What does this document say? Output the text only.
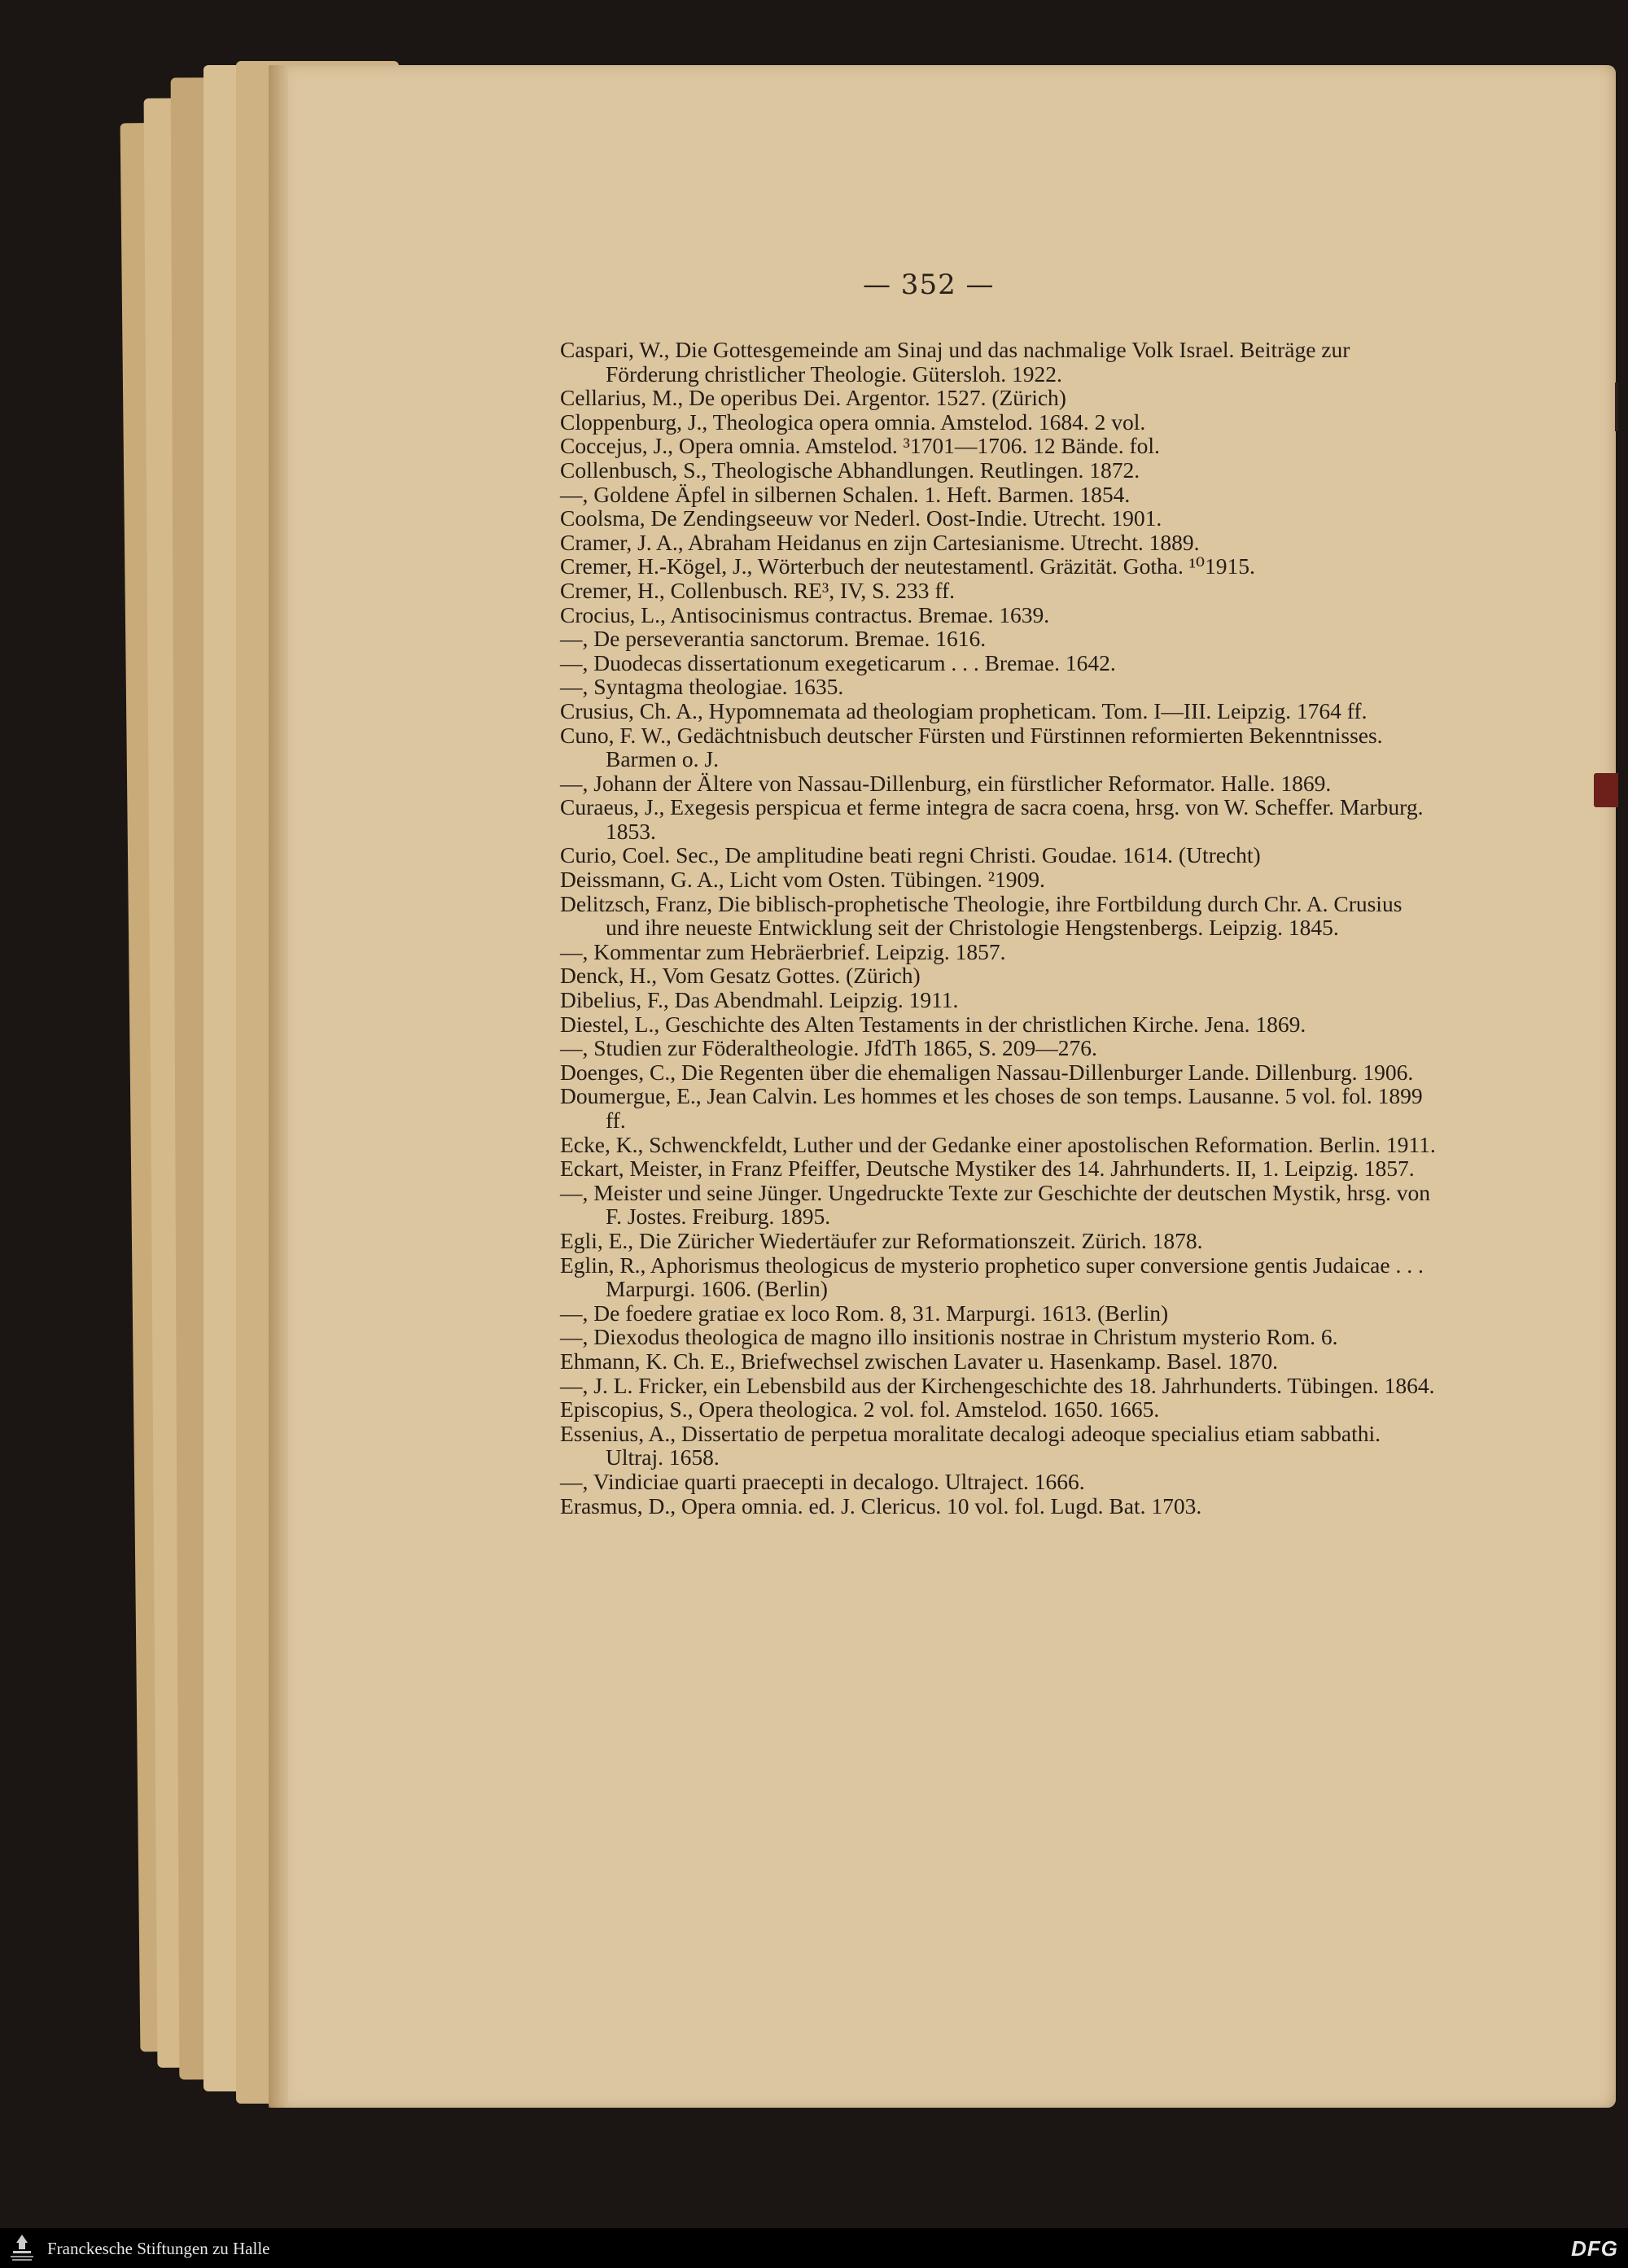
— 352 —

Caspari, W., Die Gottesgemeinde am Sinaj und das nachmalige Volk Israel. Beiträge zur Förderung christlicher Theologie. Gütersloh. 1922.

Cellarius, M., De operibus Dei. Argentor. 1527. (Zürich)

Cloppenburg, J., Theologica opera omnia. Amstelod. 1684. 2 vol.

Coccejus, J., Opera omnia. Amstelod. ³1701—1706. 12 Bände. fol.

Collenbusch, S., Theologische Abhandlungen. Reutlingen. 1872.

—, Goldene Äpfel in silbernen Schalen. 1. Heft. Barmen. 1854.

Coolsma, De Zendingseeuw vor Nederl. Oost-Indie. Utrecht. 1901.

Cramer, J. A., Abraham Heidanus en zijn Cartesianisme. Utrecht. 1889.

Cremer, H.-Kögel, J., Wörterbuch der neutestamentl. Gräzität. Gotha. ¹⁰1915.

Cremer, H., Collenbusch. RE³, IV, S. 233 ff.

Crocius, L., Antisocinismus contractus. Bremae. 1639.

—, De perseverantia sanctorum. Bremae. 1616.

—, Duodecas dissertationum exegeticarum . . . Bremae. 1642.

—, Syntagma theologiae. 1635.

Crusius, Ch. A., Hypomnemata ad theologiam propheticam. Tom. I—III. Leipzig. 1764 ff.

Cuno, F. W., Gedächtnisbuch deutscher Fürsten und Fürstinnen reformierten Bekenntnisses. Barmen o. J.

—, Johann der Ältere von Nassau-Dillenburg, ein fürstlicher Reformator. Halle. 1869.

Curaeus, J., Exegesis perspicua et ferme integra de sacra coena, hrsg. von W. Scheffer. Marburg. 1853.

Curio, Coel. Sec., De amplitudine beati regni Christi. Goudae. 1614. (Utrecht)

Deissmann, G. A., Licht vom Osten. Tübingen. ²1909.

Delitzsch, Franz, Die biblisch-prophetische Theologie, ihre Fortbildung durch Chr. A. Crusius und ihre neueste Entwicklung seit der Christologie Hengstenbergs. Leipzig. 1845.

—, Kommentar zum Hebräerbrief. Leipzig. 1857.

Denck, H., Vom Gesatz Gottes. (Zürich)

Dibelius, F., Das Abendmahl. Leipzig. 1911.

Diestel, L., Geschichte des Alten Testaments in der christlichen Kirche. Jena. 1869.

—, Studien zur Föderaltheologie. JfdTh 1865, S. 209—276.

Doenges, C., Die Regenten über die ehemaligen Nassau-Dillenburger Lande. Dillenburg. 1906.

Doumergue, E., Jean Calvin. Les hommes et les choses de son temps. Lausanne. 5 vol. fol. 1899 ff.

Ecke, K., Schwenckfeldt, Luther und der Gedanke einer apostolischen Reformation. Berlin. 1911.

Eckart, Meister, in Franz Pfeiffer, Deutsche Mystiker des 14. Jahrhunderts. II, 1. Leipzig. 1857.

—, Meister und seine Jünger. Ungedruckte Texte zur Geschichte der deutschen Mystik, hrsg. von F. Jostes. Freiburg. 1895.

Egli, E., Die Züricher Wiedertäufer zur Reformationszeit. Zürich. 1878.

Eglin, R., Aphorismus theologicus de mysterio prophetico super conversione gentis Judaicae . . . Marpurgi. 1606. (Berlin)

—, De foedere gratiae ex loco Rom. 8, 31. Marpurgi. 1613. (Berlin)

—, Diexodus theologica de magno illo insitionis nostrae in Christum mysterio Rom. 6.

Ehmann, K. Ch. E., Briefwechsel zwischen Lavater u. Hasenkamp. Basel. 1870.

—, J. L. Fricker, ein Lebensbild aus der Kirchengeschichte des 18. Jahrhunderts. Tübingen. 1864.

Episcopius, S., Opera theologica. 2 vol. fol. Amstelod. 1650. 1665.

Essenius, A., Dissertatio de perpetua moralitate decalogi adeoque specialius etiam sabbathi. Ultraj. 1658.

—, Vindiciae quarti praecepti in decalogo. Ultraject. 1666.

Erasmus, D., Opera omnia. ed. J. Clericus. 10 vol. fol. Lugd. Bat. 1703.

Franckesche Stiftungen zu Halle	DFG
